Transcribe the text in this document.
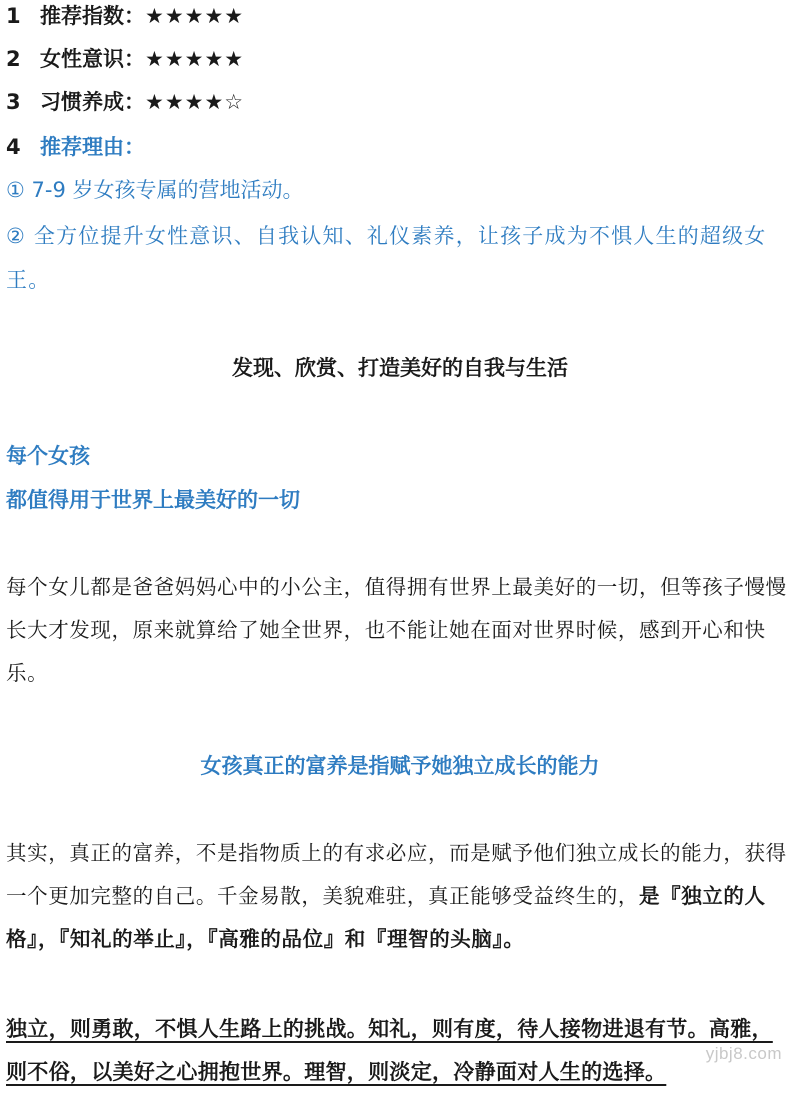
1 推荐指数：★★★★★
2 女性意识：★★★★★
3 习惯养成：★★★★☆
4 推荐理由：
① 7-9 岁女孩专属的营地活动。
② 全方位提升女性意识、自我认知、礼仪素养，让孩子成为不惧人生的超级女王。
发现、欣赏、打造美好的自我与生活
每个女孩
都值得用于世界上最美好的一切
每个女儿都是爸爸妈妈心中的小公主，值得拥有世界上最美好的一切，但等孩子慢慢长大才发现，原来就算给了她全世界，也不能让她在面对世界时候，感到开心和快乐。
女孩真正的富养是指赋予她独立成长的能力
其实，真正的富养，不是指物质上的有求必应，而是赋予他们独立成长的能力，获得一个更加完整的自己。千金易散，美貌难驻，真正能够受益终生的，是『独立的人格』，『知礼的举止』，『高雅的品位』和『理智的头脑』。
独立，则勇敢，不惧人生路上的挑战。知礼，则有度，待人接物进退有节。高雅，则不俗，以美好之心拥抱世界。理智，则淡定，冷静面对人生的选择。
yjbj8.com
